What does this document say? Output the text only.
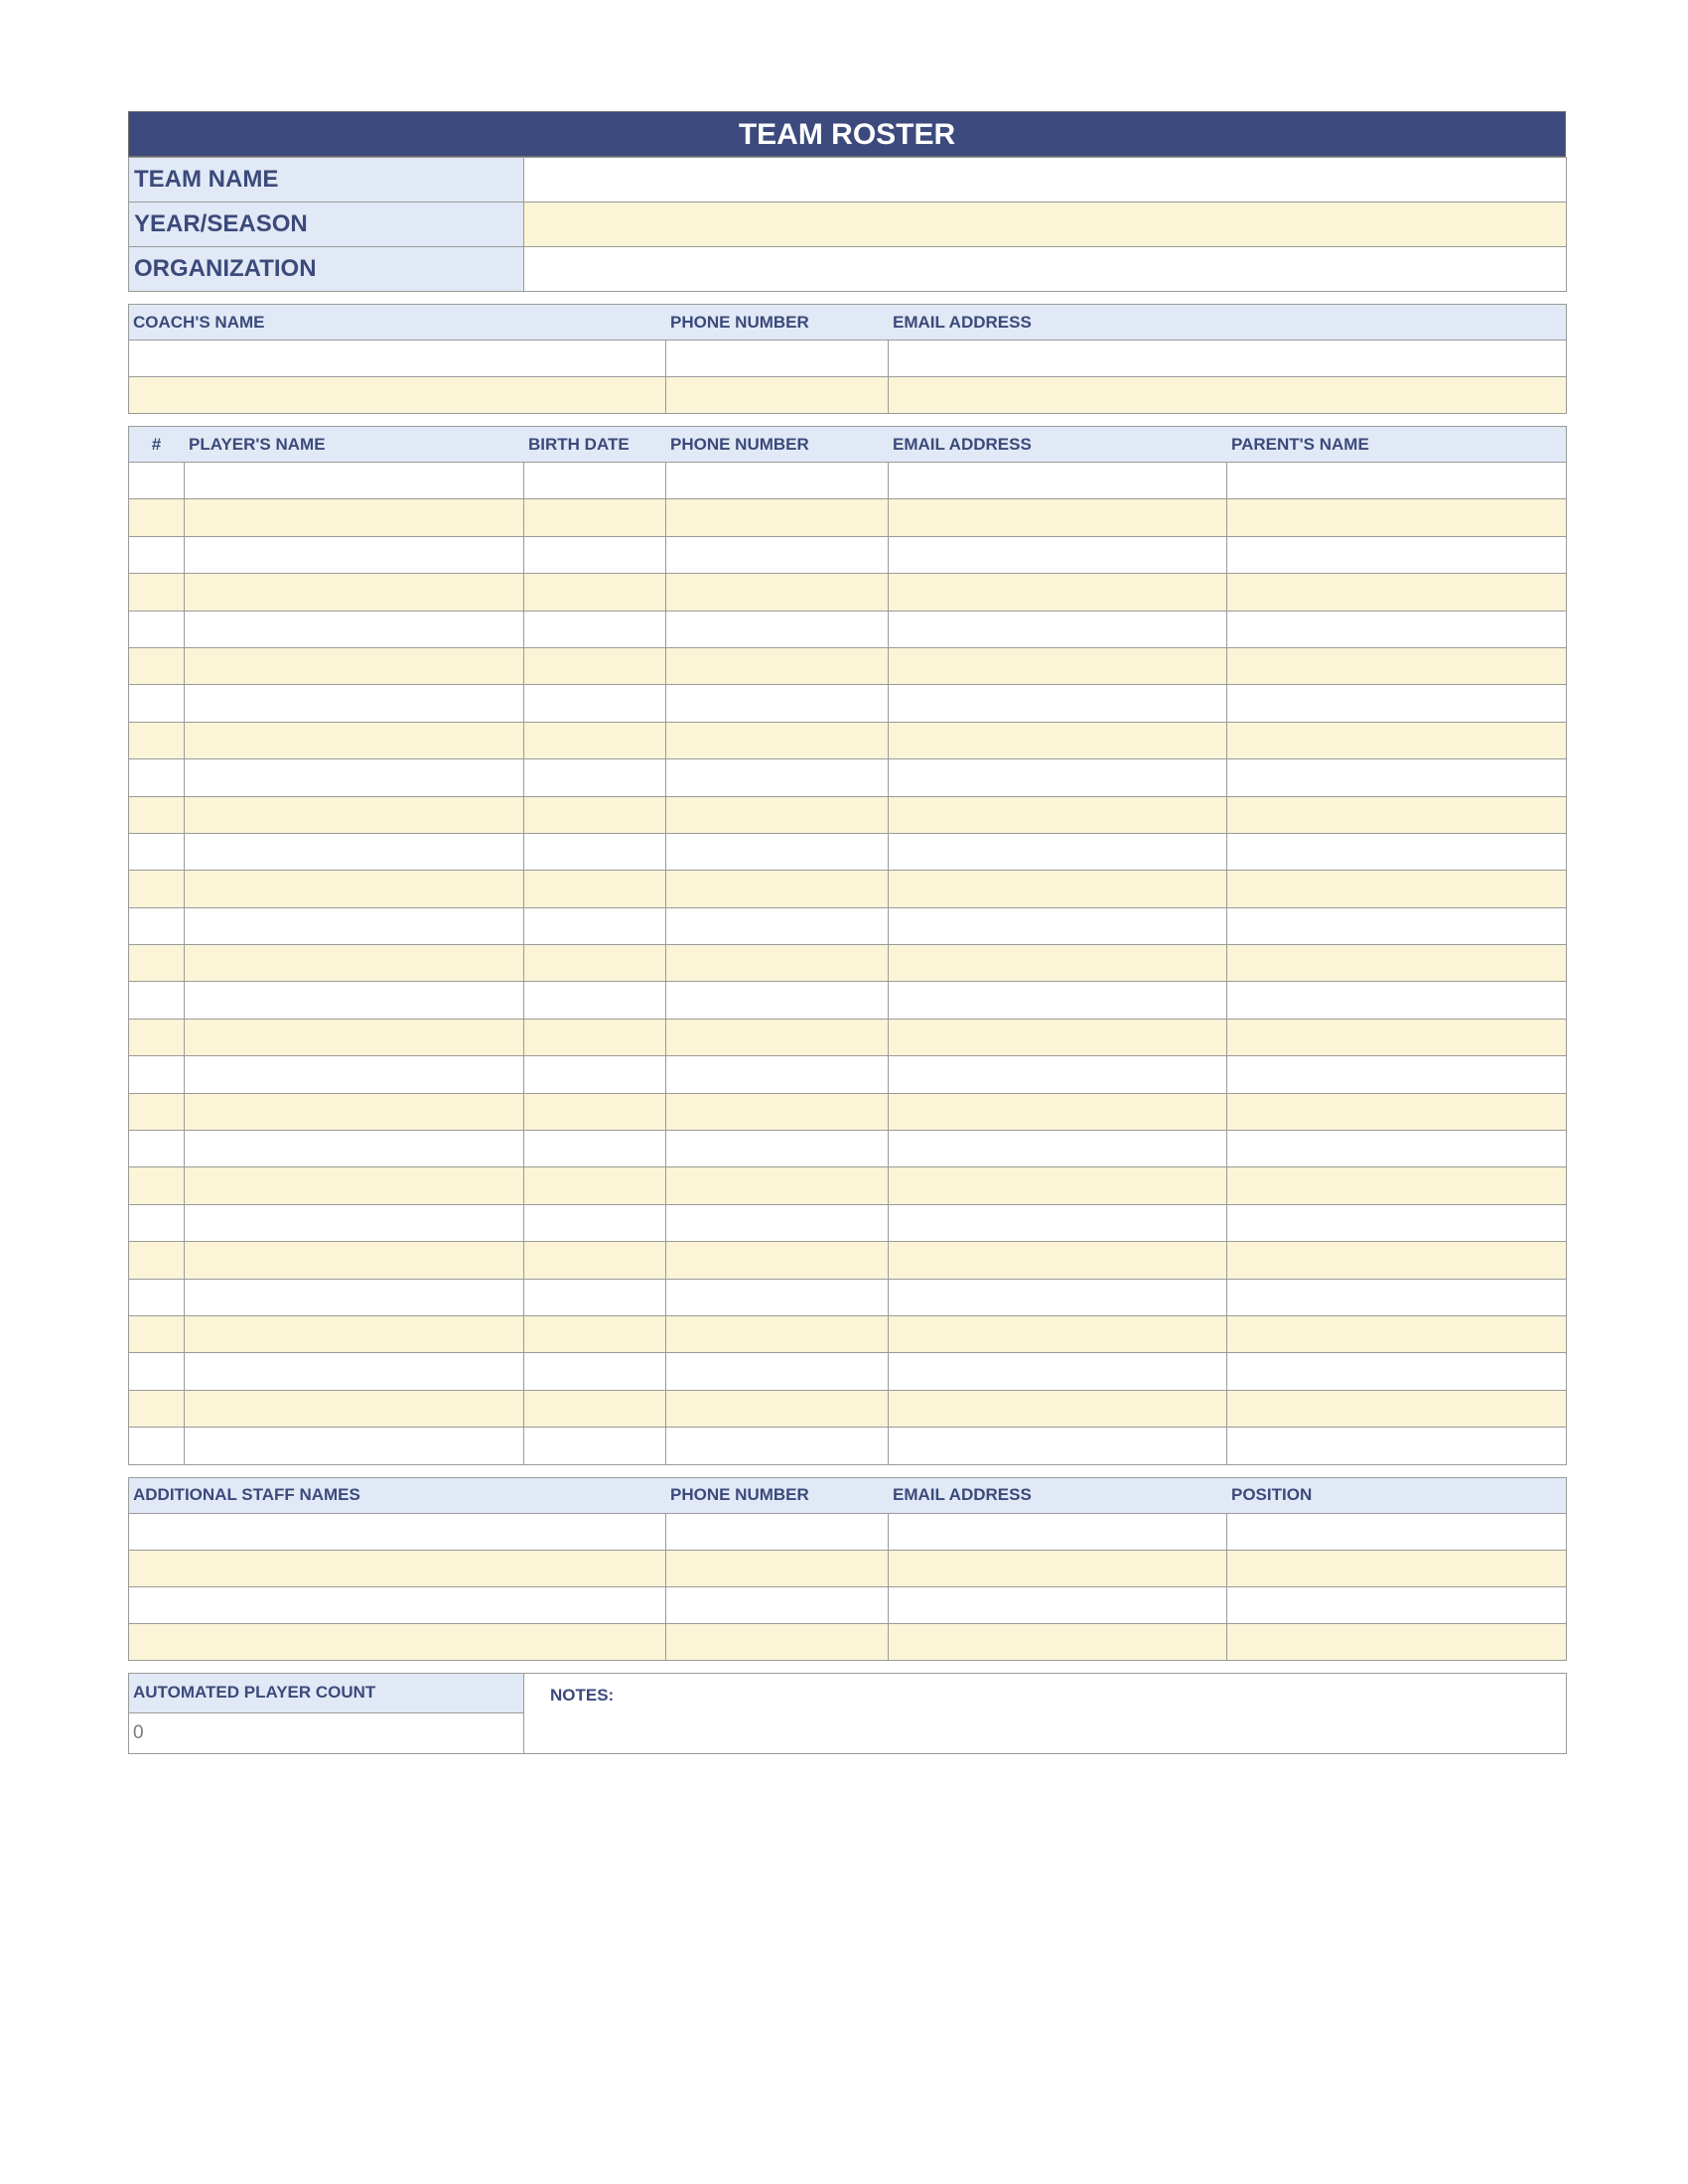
TEAM ROSTER
TEAM NAME	
YEAR/SEASON	
ORGANIZATION	
COACH'S NAME	PHONE NUMBER	EMAIL ADDRESS

#	PLAYER'S NAME	BIRTH DATE	PHONE NUMBER	EMAIL ADDRESS	PARENT'S NAME

ADDITIONAL STAFF NAMES	PHONE NUMBER	EMAIL ADDRESS	POSITION

AUTOMATED PLAYER COUNT	NOTES:
0
